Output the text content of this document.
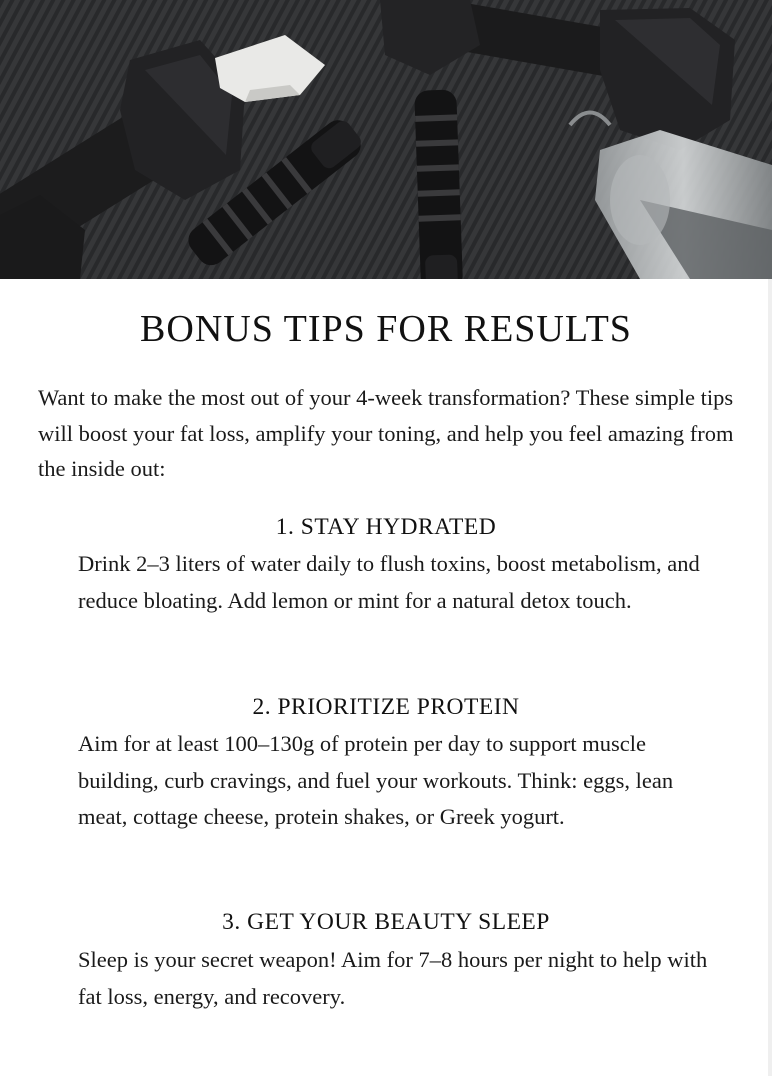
BONUS TIPS FOR RESULTS

Want to make the most out of your 4-week transformation? These simple tips will boost your fat loss, amplify your toning, and help you feel amazing from the inside out:

1. STAY HYDRATED
Drink 2–3 liters of water daily to flush toxins, boost metabolism, and reduce bloating. Add lemon or mint for a natural detox touch.
2. PRIORITIZE PROTEIN
Aim for at least 100–130g of protein per day to support muscle building, curb cravings, and fuel your workouts. Think: eggs, lean meat, cottage cheese, protein shakes, or Greek yogurt.
3. GET YOUR BEAUTY SLEEP
Sleep is your secret weapon! Aim for 7–8 hours per night to help with fat loss, energy, and recovery.
